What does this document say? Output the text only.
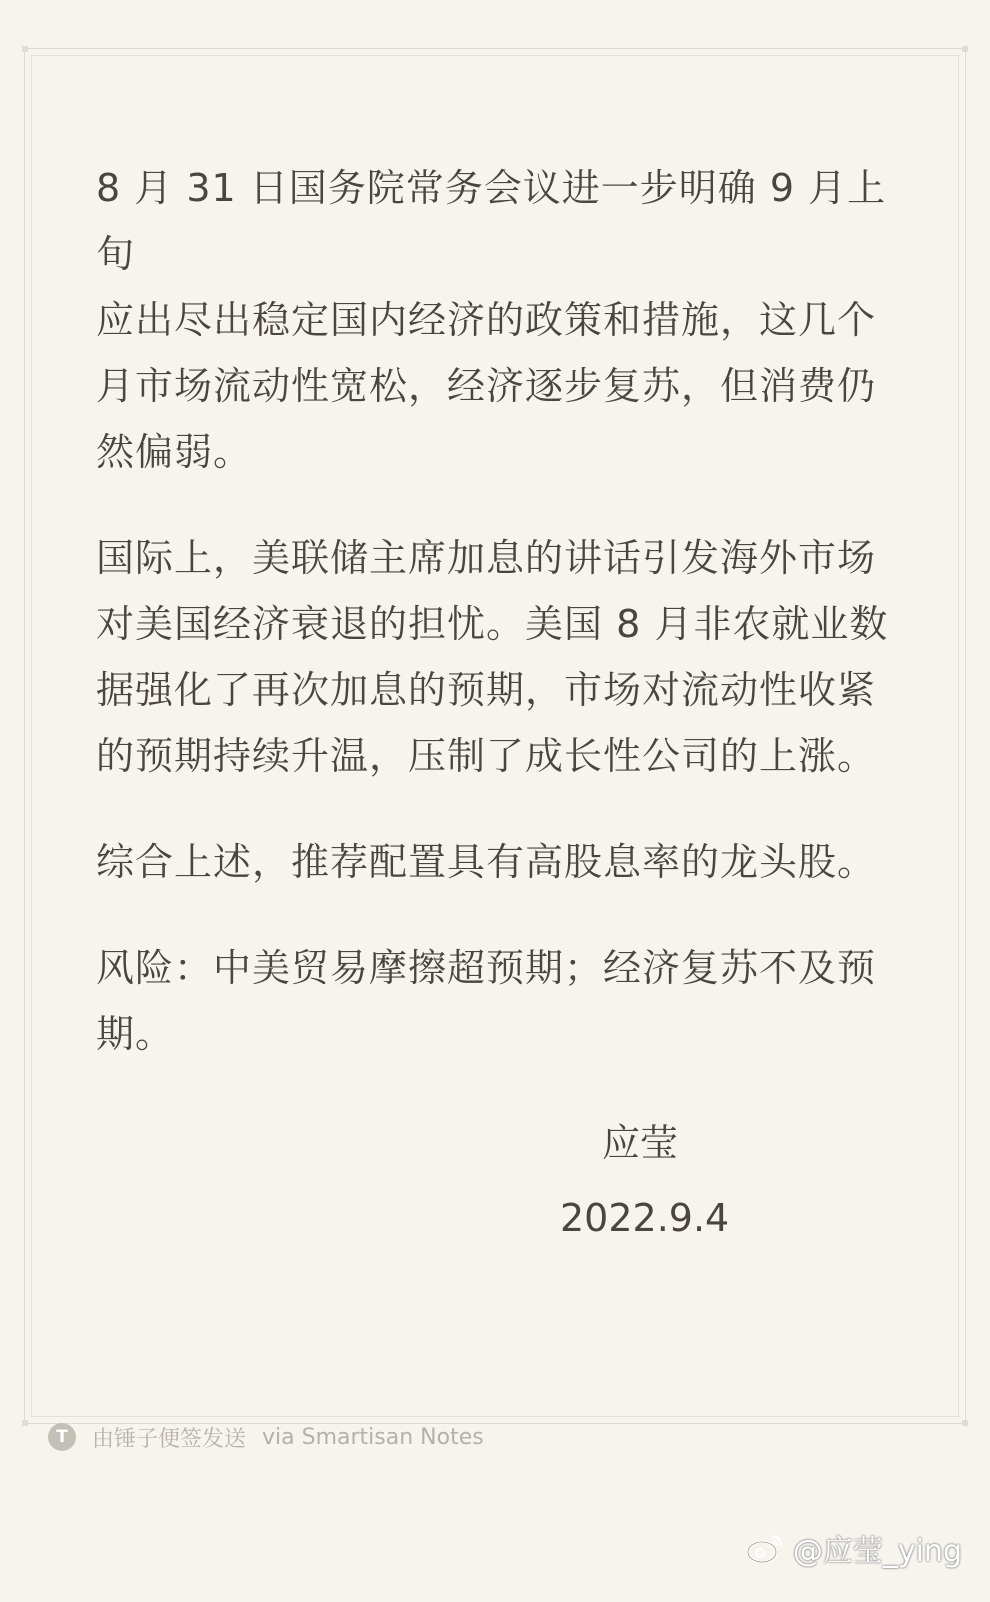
8 月 31 日国务院常务会议进一步明确 9 月上旬
应出尽出稳定国内经济的政策和措施，这几个
月市场流动性宽松，经济逐步复苏，但消费仍
然偏弱。

国际上，美联储主席加息的讲话引发海外市场
对美国经济衰退的担忧。美国 8 月非农就业数
据强化了再次加息的预期，市场对流动性收紧
的预期持续升温，压制了成长性公司的上涨。

综合上述，推荐配置具有高股息率的龙头股。

风险：中美贸易摩擦超预期；经济复苏不及预
期。

应莹
2022.9.4
T	由锤子便签发送 via Smartisan Notes
@应莹_ying
